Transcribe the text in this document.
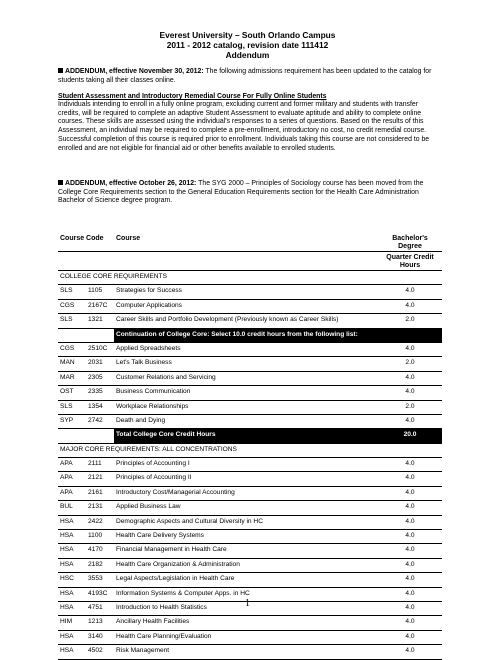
Everest University – South Orlando Campus
2011 - 2012 catalog, revision date 111412
Addendum
ADDENDUM, effective November 30, 2012: The following admissions requirement has been updated to the catalog for students taking all their classes online.
Student Assessment and Introductory Remedial Course For Fully Online Students
Individuals intending to enroll in a fully online program, excluding current and former military and students with transfer credits, will be required to complete an adaptive Student Assessment to evaluate aptitude and ability to complete online courses. These skills are assessed using the individual's responses to a series of questions. Based on the results of this Assessment, an individual may be required to complete a pre-enrollment, introductory no cost, no credit remedial course. Successful completion of this course is required prior to enrollment. Individuals taking this course are not considered to be enrolled and are not eligible for financial aid or other benefits available to enrolled students.
ADDENDUM, effective October 26, 2012: The SYG 2000 – Principles of Sociology course has been moved from the College Core Requirements section to the General Education Requirements section for the Health Care Administration Bachelor of Science degree program.
Course Code		Course	Bachelor's Degree
			Quarter Credit Hours
COLLEGE CORE REQUIREMENTS			
SLS	1105	Strategies for Success	4.0
CGS	2167C	Computer Applications	4.0
SLS	1321	Career Skills and Portfolio Development (Previously known as Career Skills)	2.0
		Continuation of College Core: Select 10.0 credit hours from the following list:	
CGS	2510C	Applied Spreadsheets	4.0
MAN	2031	Let's Talk Business	2.0
MAR	2305	Customer Relations and Servicing	4.0
OST	2335	Business Communication	4.0
SLS	1354	Workplace Relationships	2.0
SYP	2742	Death and Dying	4.0
		Total College Core Credit Hours	20.0
MAJOR CORE REQUIREMENTS: ALL CONCENTRATIONS			
APA	2111	Principles of Accounting I	4.0
APA	2121	Principles of Accounting II	4.0
APA	2161	Introductory Cost/Managerial Accounting	4.0
BUL	2131	Applied Business Law	4.0
HSA	2422	Demographic Aspects and Cultural Diversity in HC	4.0
HSA	1100	Health Care Delivery Systems	4.0
HSA	4170	Financial Management in Health Care	4.0
HSA	2182	Health Care Organization & Administration	4.0
HSC	3553	Legal Aspects/Legislation in Health Care	4.0
HSA	4193C	Information Systems & Computer Apps. in HC	4.0
HSA	4751	Introduction to Health Statistics	4.0
HIM	1213	Ancillary Health Facilities	4.0
HSA	3140	Health Care Planning/Evaluation	4.0
HSA	4502	Risk Management	4.0
1
